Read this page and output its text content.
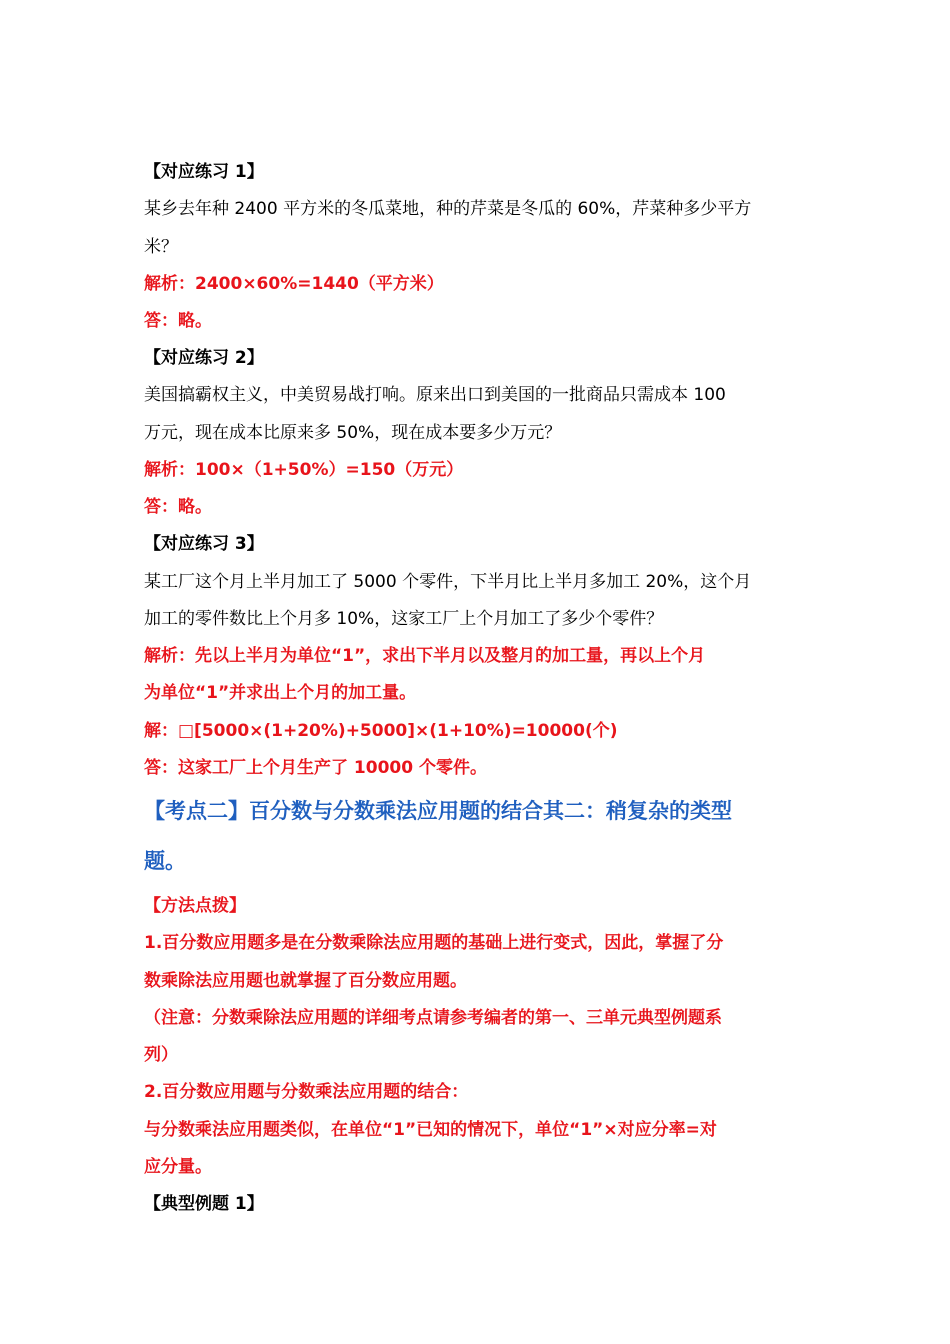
【对应练习 1】
某乡去年种 2400 平方米的冬瓜菜地，种的芹菜是冬瓜的 60%，芹菜种多少平方
米？
解析：2400×60%=1440（平方米）
答：略。
【对应练习 2】
美国搞霸权主义，中美贸易战打响。原来出口到美国的一批商品只需成本 100
万元，现在成本比原来多 50%，现在成本要多少万元？
解析：100×（1+50%）=150（万元）
答：略。
【对应练习 3】
某工厂这个月上半月加工了 5000 个零件，下半月比上半月多加工 20%，这个月
加工的零件数比上个月多 10%，这家工厂上个月加工了多少个零件？
解析：先以上半月为单位“1”，求出下半月以及整月的加工量，再以上个月
为单位“1”并求出上个月的加工量。
解：□[5000×(1+20%)+5000]×(1+10%)=10000(个)
答：这家工厂上个月生产了 10000 个零件。
【考点二】百分数与分数乘法应用题的结合其二：稍复杂的类型
题。
【方法点拨】
1.百分数应用题多是在分数乘除法应用题的基础上进行变式，因此，掌握了分
数乘除法应用题也就掌握了百分数应用题。
（注意：分数乘除法应用题的详细考点请参考编者的第一、三单元典型例题系
列）
2.百分数应用题与分数乘法应用题的结合：
与分数乘法应用题类似，在单位“1”已知的情况下，单位“1”×对应分率=对
应分量。
【典型例题 1】
